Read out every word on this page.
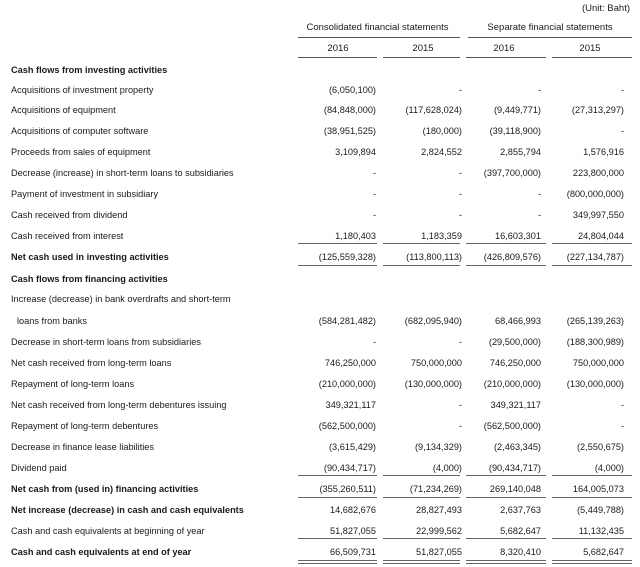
(Unit: Baht)
Consolidated financial statements	Separate financial statements
2016	2015	2016	2015
Cash flows from investing activities
Acquisitions of investment property	(6,050,100)	-	-	-
Acquisitions of equipment	(84,848,000)	(117,628,024)	(9,449,771)	(27,313,297)
Acquisitions of computer software	(38,951,525)	(180,000)	(39,118,900)	-
Proceeds from sales of equipment	3,109,894	2,824,552	2,855,794	1,576,916
Decrease (increase) in short-term loans to subsidiaries	-	-	(397,700,000)	223,800,000
Payment of investment in subsidiary	-	-	-	(800,000,000)
Cash received from dividend	-	-	-	349,997,550
Cash received from interest	1,180,403	1,183,359	16,603,301	24,804,044
Net cash used in investing activities	(125,559,328)	(113,800,113)	(426,809,576)	(227,134,787)
Cash flows from financing activities
Increase (decrease) in bank overdrafts and short-term
loans from banks	(584,281,482)	(682,095,940)	68,466,993	(265,139,263)
Decrease in short-term loans from subsidiaries	-	-	(29,500,000)	(188,300,989)
Net cash received from long-term loans	746,250,000	750,000,000	746,250,000	750,000,000
Repayment of long-term loans	(210,000,000)	(130,000,000)	(210,000,000)	(130,000,000)
Net cash received from long-term debentures issuing	349,321,117	-	349,321,117	-
Repayment of long-term debentures	(562,500,000)	-	(562,500,000)	-
Decrease in finance lease liabilities	(3,615,429)	(9,134,329)	(2,463,345)	(2,550,675)
Dividend paid	(90,434,717)	(4,000)	(90,434,717)	(4,000)
Net cash from (used in) financing activities	(355,260,511)	(71,234,269)	269,140,048	164,005,073
Net increase (decrease) in cash and cash equivalents	14,682,676	28,827,493	2,637,763	(5,449,788)
Cash and cash equivalents at beginning of year	51,827,055	22,999,562	5,682,647	11,132,435
Cash and cash equivalents at end of year	66,509,731	51,827,055	8,320,410	5,682,647
